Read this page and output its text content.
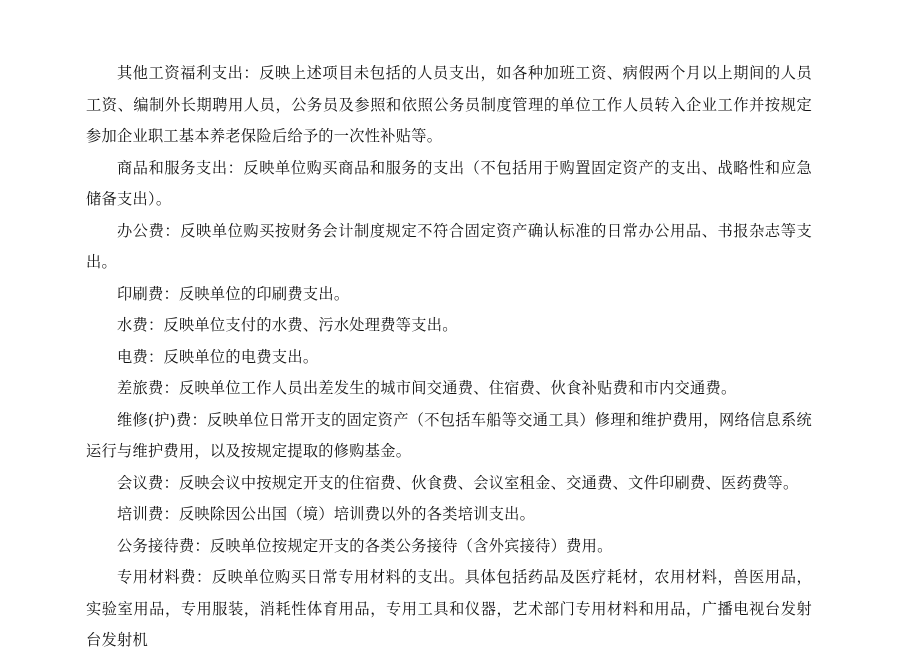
其他工资福利支出：反映上述项目未包括的人员支出，如各种加班工资、病假两个月以上期间的人员工资、编制外长期聘用人员，公务员及参照和依照公务员制度管理的单位工作人员转入企业工作并按规定参加企业职工基本养老保险后给予的一次性补贴等。

商品和服务支出：反映单位购买商品和服务的支出（不包括用于购置固定资产的支出、战略性和应急储备支出）。

办公费：反映单位购买按财务会计制度规定不符合固定资产确认标准的日常办公用品、书报杂志等支出。

印刷费：反映单位的印刷费支出。

水费：反映单位支付的水费、污水处理费等支出。

电费：反映单位的电费支出。

差旅费：反映单位工作人员出差发生的城市间交通费、住宿费、伙食补贴费和市内交通费。

维修(护)费：反映单位日常开支的固定资产（不包括车船等交通工具）修理和维护费用，网络信息系统运行与维护费用，以及按规定提取的修购基金。

会议费：反映会议中按规定开支的住宿费、伙食费、会议室租金、交通费、文件印刷费、医药费等。

培训费：反映除因公出国（境）培训费以外的各类培训支出。

公务接待费：反映单位按规定开支的各类公务接待（含外宾接待）费用。

专用材料费：反映单位购买日常专用材料的支出。具体包括药品及医疗耗材，农用材料，兽医用品，实验室用品，专用服装，消耗性体育用品，专用工具和仪器，艺术部门专用材料和用品，广播电视台发射台发射机
